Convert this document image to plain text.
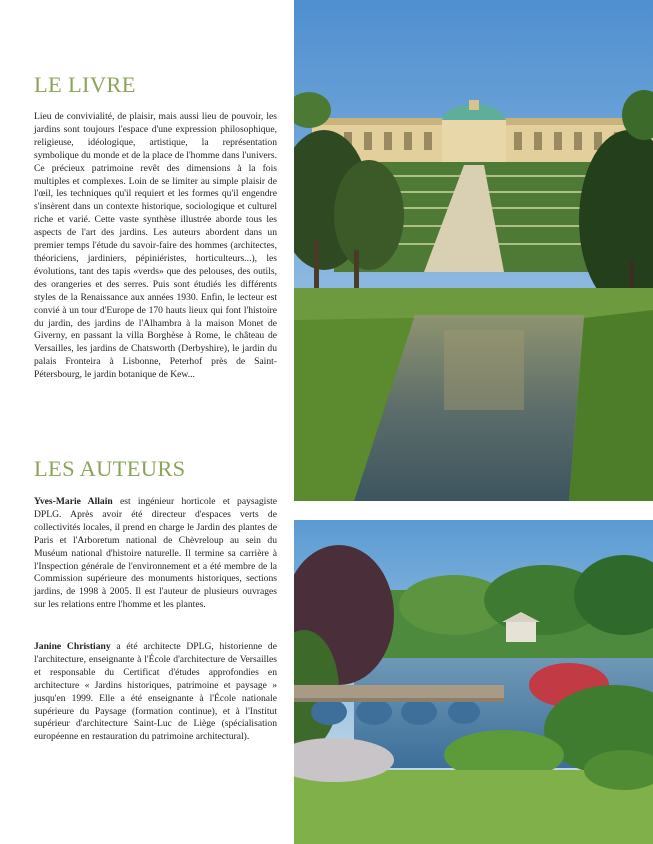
LE LIVRE

Lieu de convivialité, de plaisir, mais aussi lieu de pouvoir, les jardins sont toujours l'espace d'une expression philosophique, religieuse, idéologique, artistique, la représentation symbolique du monde et de la place de l'homme dans l'univers. Ce précieux patrimoine revêt des dimensions à la fois multiples et complexes. Loin de se limiter au simple plaisir de l'œil, les techniques qu'il requiert et les formes qu'il engendre s'insèrent dans un contexte historique, sociologique et culturel riche et varié. Cette vaste synthèse illustrée aborde tous les aspects de l'art des jardins. Les auteurs abordent dans un premier temps l'étude du savoir-faire des hommes (architectes, théoriciens, jardiniers, pépiniéristes, horticulteurs...), les évolutions, tant des tapis «verds» que des pelouses, des outils, des orangeries et des serres. Puis sont étudiés les différents styles de la Renaissance aux années 1930. Enfin, le lecteur est convié à un tour d'Europe de 170 hauts lieux qui font l'histoire du jardin, des jardins de l'Alhambra à la maison Monet de Giverny, en passant la villa Borghèse à Rome, le château de Versailles, les jardins de Chatsworth (Derbyshire), le jardin du palais Fronteira à Lisbonne, Peterhof près de Saint-Pétersbourg, le jardin botanique de Kew...

LES AUTEURS

Yves-Marie Allain est ingénieur horticole et paysagiste DPLG. Après avoir été directeur d'espaces verts de collectivités locales, il prend en charge le Jardin des plantes de Paris et l'Arboretum national de Chèvreloup au sein du Muséum national d'histoire naturelle. Il termine sa carrière à l'Inspection générale de l'environnement et a été membre de la Commission supérieure des monuments historiques, sections jardins, de 1998 à 2005. Il est l'auteur de plusieurs ouvrages sur les relations entre l'homme et les plantes.

Janine Christiany a été architecte DPLG, historienne de l'architecture, enseignante à l'École d'architecture de Versailles et responsable du Certificat d'études approfondies en architecture « Jardins historiques, patrimoine et paysage » jusqu'en 1999. Elle a été enseignante à l'École nationale supérieure du Paysage (formation continue), et à l'Institut supérieur d'architecture Saint-Luc de Liège (spécialisation européenne en restauration du patrimoine architectural).
